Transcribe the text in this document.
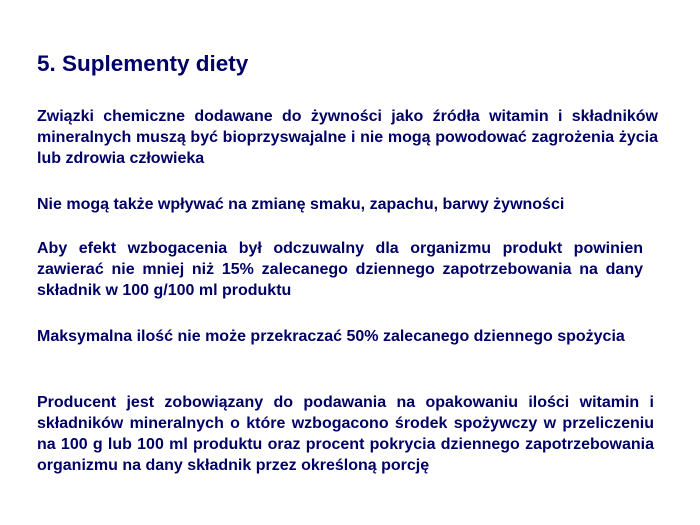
5. Suplementy diety

Związki chemiczne dodawane do żywności jako źródła witamin i składników mineralnych muszą być bioprzyswajalne i nie mogą powodować zagrożenia życia lub zdrowia człowieka

Nie mogą także wpływać na zmianę smaku, zapachu, barwy żywności

Aby efekt wzbogacenia był odczuwalny dla organizmu produkt powinien zawierać nie mniej niż 15% zalecanego dziennego zapotrzebowania na dany składnik w 100 g/100 ml produktu

Maksymalna ilość nie może przekraczać 50% zalecanego dziennego spożycia

Producent jest zobowiązany do podawania na opakowaniu ilości witamin i składników mineralnych o które wzbogacono środek spożywczy w przeliczeniu na 100 g lub 100 ml produktu oraz procent pokrycia dziennego zapotrzebowania organizmu na dany składnik przez określoną porcję
